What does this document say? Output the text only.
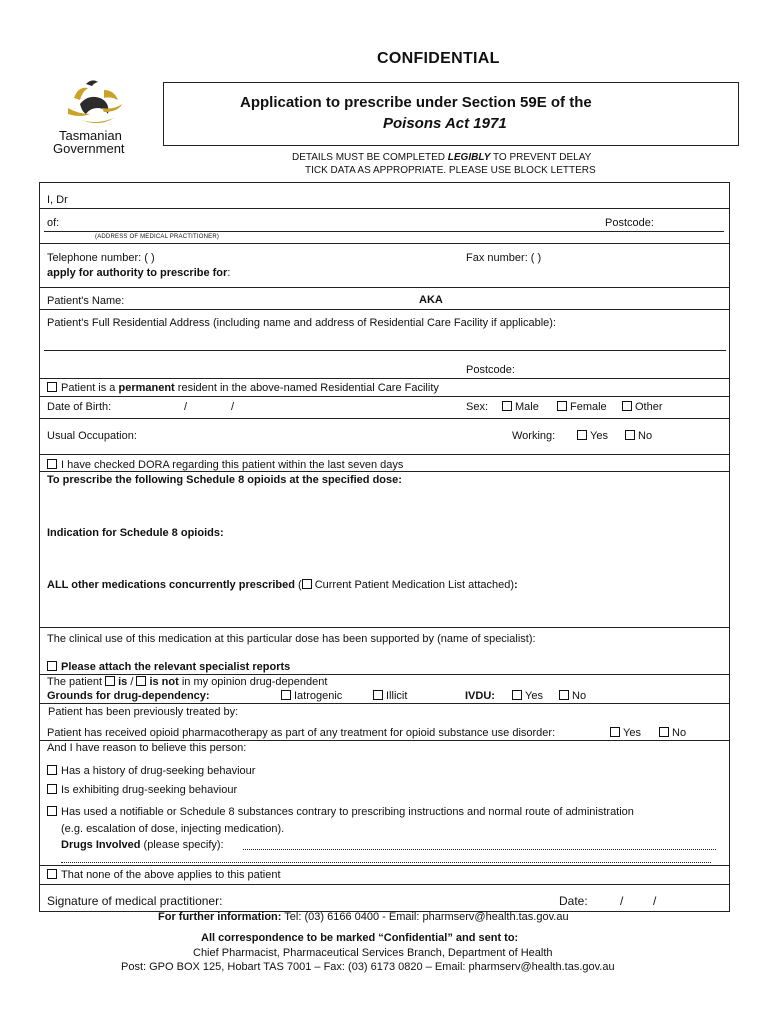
CONFIDENTIAL
Tasmanian
Government
Application to prescribe under Section 59E of the
Poisons Act 1971
DETAILS MUST BE COMPLETED LEGIBLY TO PREVENT DELAY
TICK DATA AS APPROPRIATE. PLEASE USE BLOCK LETTERS
I, Dr
of:	Postcode:
(ADDRESS OF MEDICAL PRACTITIONER)
Telephone number: ( )	Fax number: ( )
apply for authority to prescribe for:
Patient's Name:	AKA
Patient's Full Residential Address (including name and address of Residential Care Facility if applicable):
Postcode:
Patient is a permanent resident in the above-named Residential Care Facility
Date of Birth:	/	/	Sex:	Male	Female	Other
Usual Occupation:	Working:	Yes	No
I have checked DORA regarding this patient within the last seven days
To prescribe the following Schedule 8 opioids at the specified dose:
Indication for Schedule 8 opioids:
ALL other medications concurrently prescribed ( Current Patient Medication List attached):
The clinical use of this medication at this particular dose has been supported by (name of specialist):
Please attach the relevant specialist reports
The patient is / is not in my opinion drug-dependent
Grounds for drug-dependency:	Iatrogenic	Illicit	IVDU:	Yes	No
Patient has been previously treated by:
Patient has received opioid pharmacotherapy as part of any treatment for opioid substance use disorder:	Yes	No
And I have reason to believe this person:
Has a history of drug-seeking behaviour
Is exhibiting drug-seeking behaviour
Has used a notifiable or Schedule 8 substances contrary to prescribing instructions and normal route of administration
(e.g. escalation of dose, injecting medication).
Drugs Involved (please specify):
That none of the above applies to this patient
Signature of medical practitioner:	Date:	/ /
For further information: Tel: (03) 6166 0400 - Email: pharmserv@health.tas.gov.au
All correspondence to be marked “Confidential” and sent to:
Chief Pharmacist, Pharmaceutical Services Branch, Department of Health
Post: GPO BOX 125, Hobart TAS 7001 – Fax: (03) 6173 0820 – Email: pharmserv@health.tas.gov.au
